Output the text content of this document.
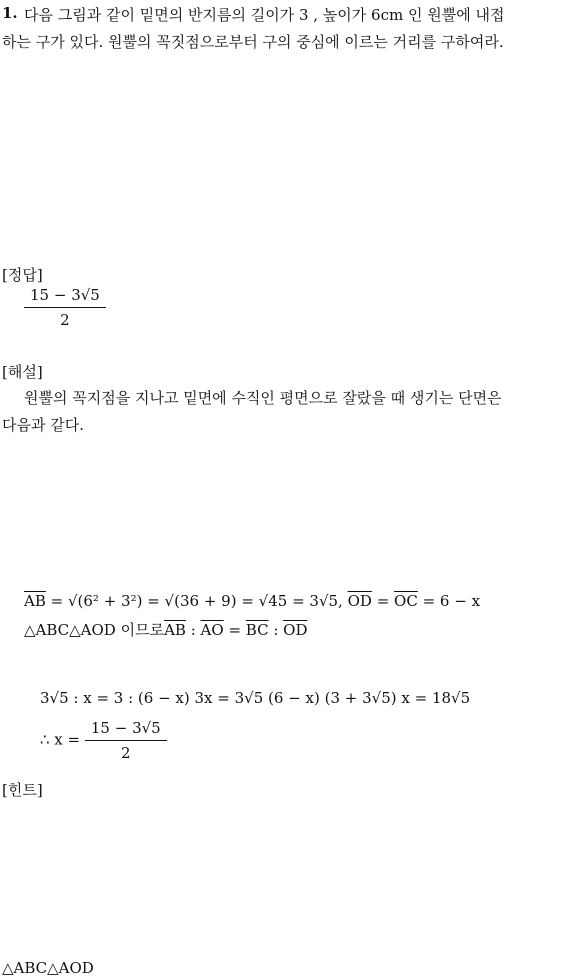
1. 다음 그림과 같이 밑면의 반지름의 길이가 3 , 높이가 6cm 인 원뿔에 내접
하는 구가 있다. 원뿔의 꼭짓점으로부터 구의 중심에 이르는 거리를 구하여라.
[정답]
$\frac{15 - 3√5}{2}$
[해설]
원뿔의 꼭지점을 지나고 밑면에 수직인 평면으로 잘랐을 때 생기는 단면은
다음과 같다.
$\overline{AB} = √(6^2 + 3^2) = √(36 + 9) = √45 = 3√5$, $\overline{OD} = \overline{OC} = 6 - x$
△ABC△AOD 이므로$\overline{AB}$ : $\overline{AO} = \overline{BC}$ : $\overline{OD}$
3√5 : x = 3 : (6 − x) 3x = 3√5 (6 − x) (3 + 3√5) x = 18√5
∴ $x = \frac{15 - 3√5}{2}$
[힌트]
△ABC△AOD
